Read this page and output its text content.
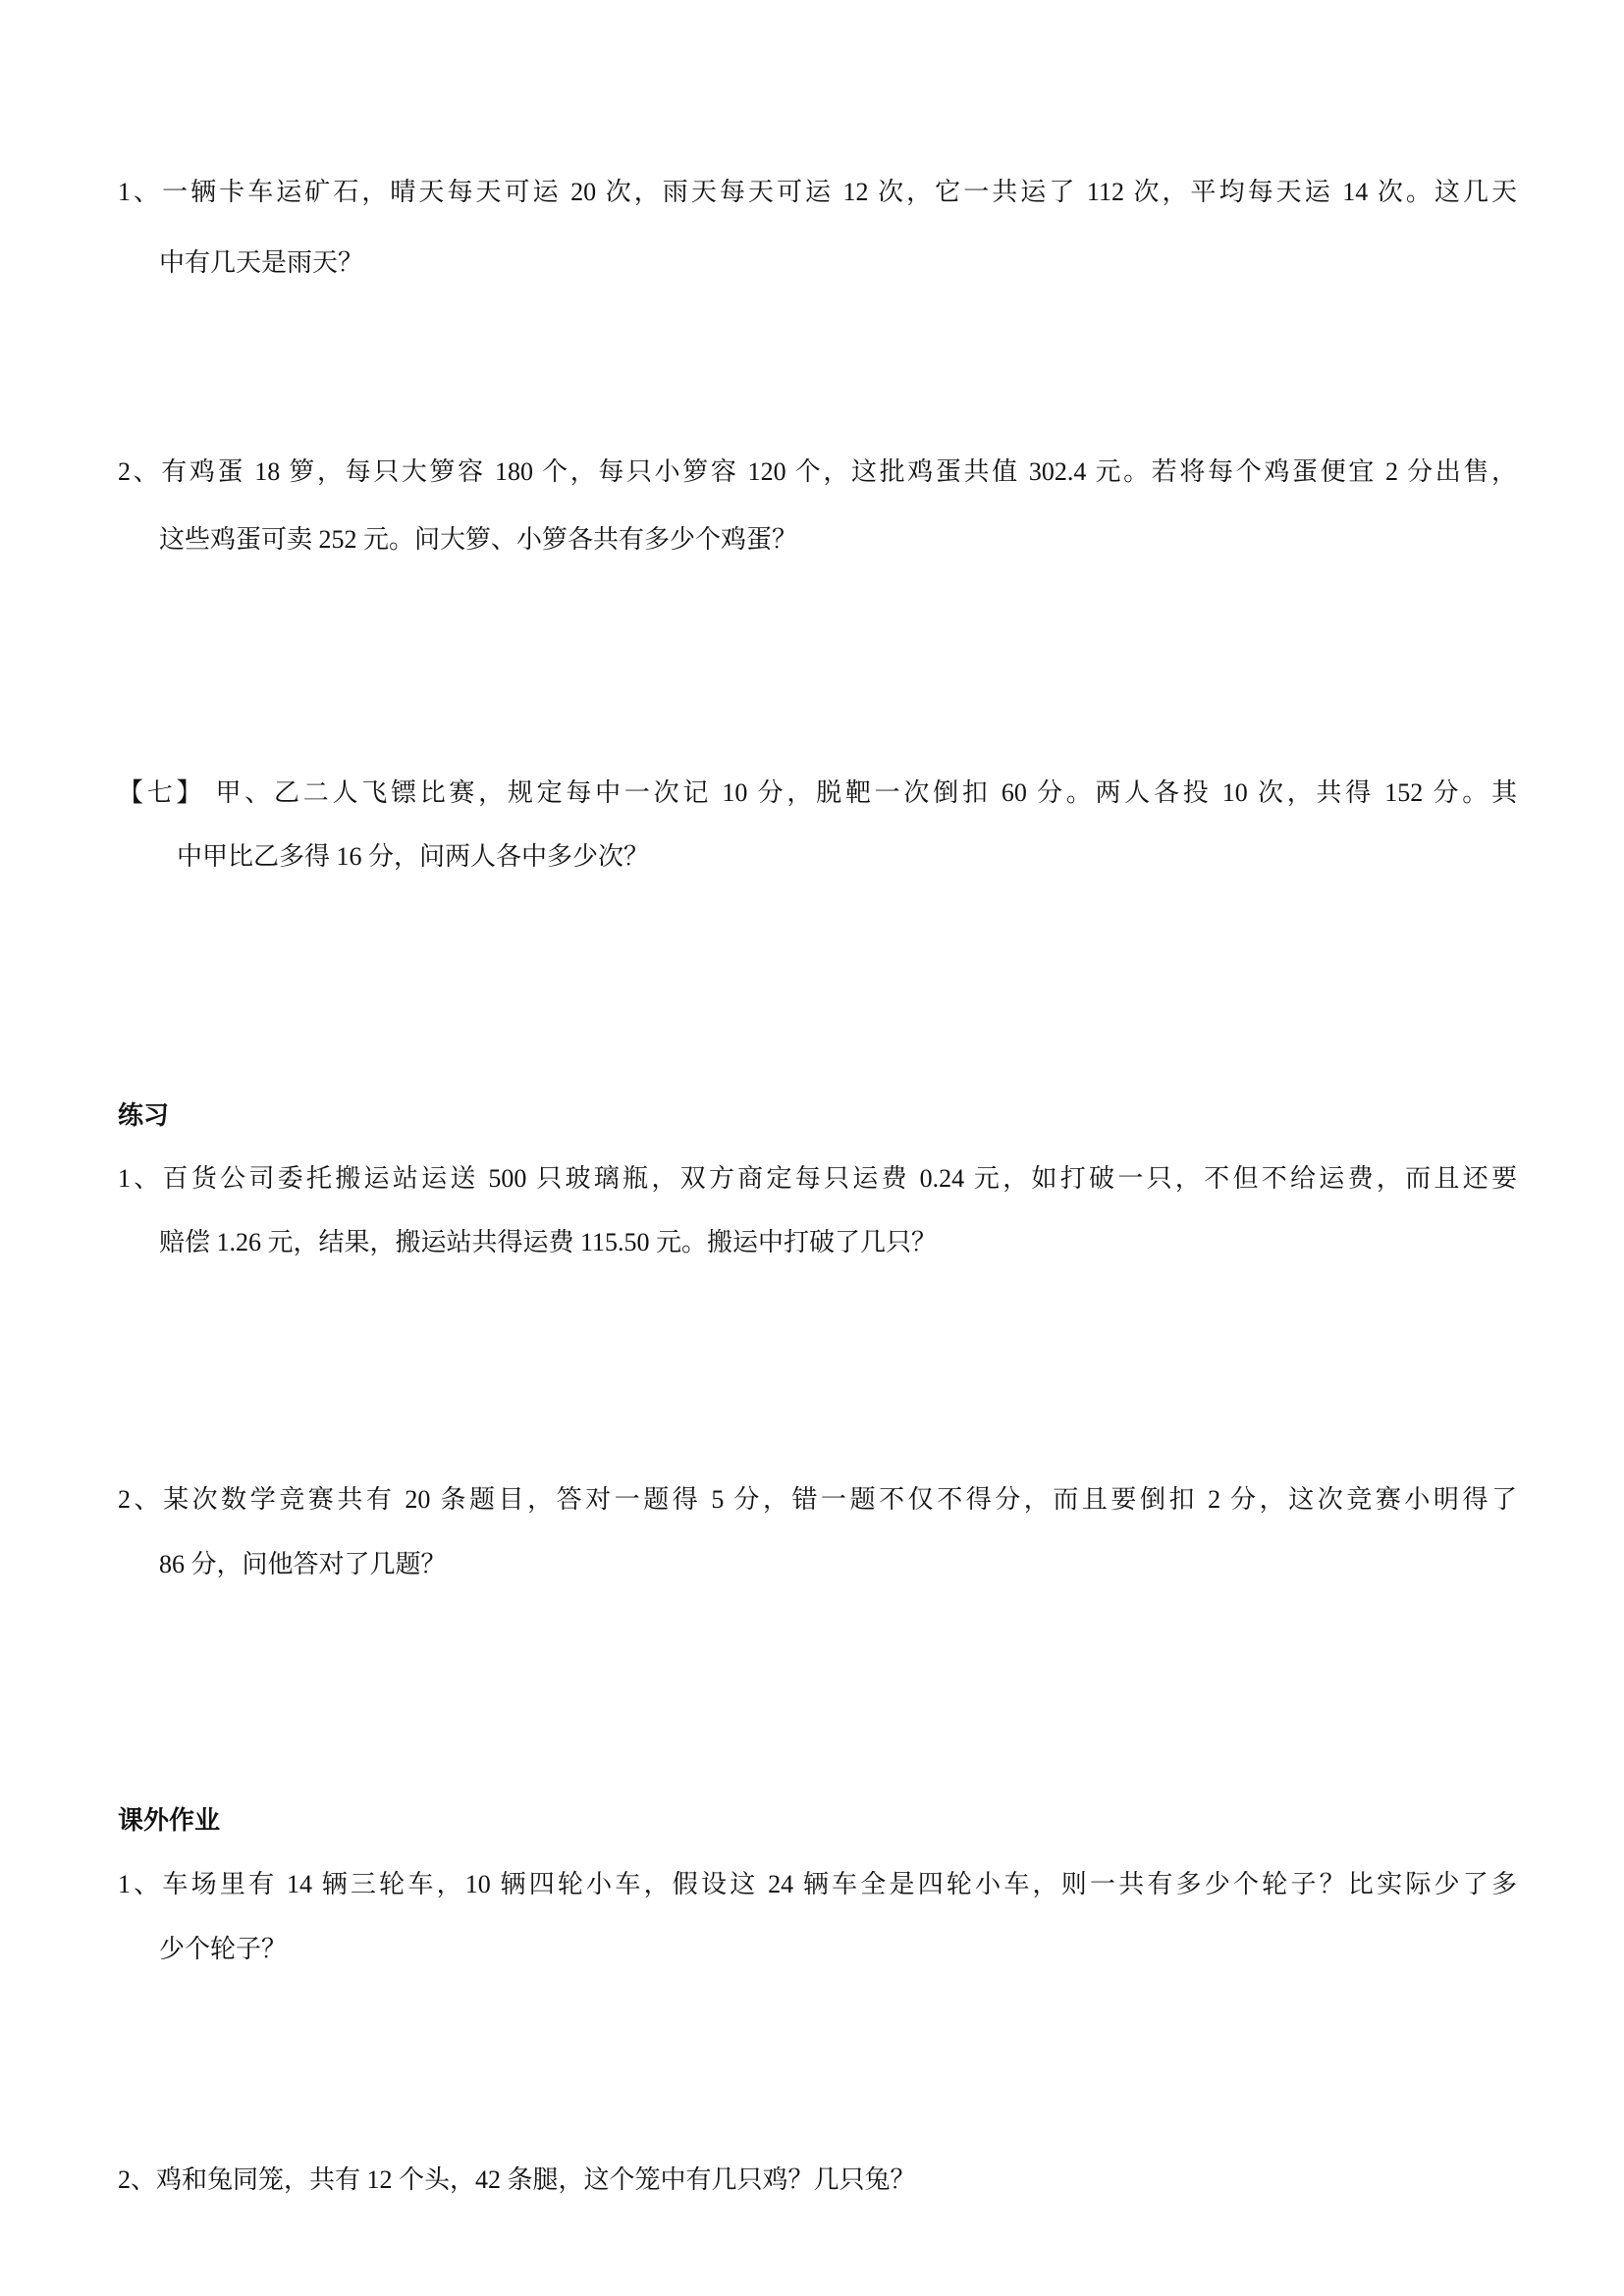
1、一辆卡车运矿石，晴天每天可运 20 次，雨天每天可运 12 次，它一共运了 112 次，平均每天运 14 次。这几天
中有几天是雨天？
2、有鸡蛋 18 箩，每只大箩容 180 个，每只小箩容 120 个，这批鸡蛋共值 302.4 元。若将每个鸡蛋便宜 2 分出售，
这些鸡蛋可卖 252 元。问大箩、小箩各共有多少个鸡蛋？
【七】 甲、乙二人飞镖比赛，规定每中一次记 10 分，脱靶一次倒扣 60 分。两人各投 10 次，共得 152 分。其
中甲比乙多得 16 分，问两人各中多少次？
练习
1、百货公司委托搬运站运送 500 只玻璃瓶，双方商定每只运费 0.24 元，如打破一只，不但不给运费，而且还要
赔偿 1.26 元，结果，搬运站共得运费 115.50 元。搬运中打破了几只？
2、某次数学竞赛共有 20 条题目，答对一题得 5 分，错一题不仅不得分，而且要倒扣 2 分，这次竞赛小明得了
86 分，问他答对了几题？
课外作业
1、车场里有 14 辆三轮车，10 辆四轮小车，假设这 24 辆车全是四轮小车，则一共有多少个轮子？比实际少了多
少个轮子？
2、鸡和兔同笼，共有 12 个头，42 条腿，这个笼中有几只鸡？几只兔？
